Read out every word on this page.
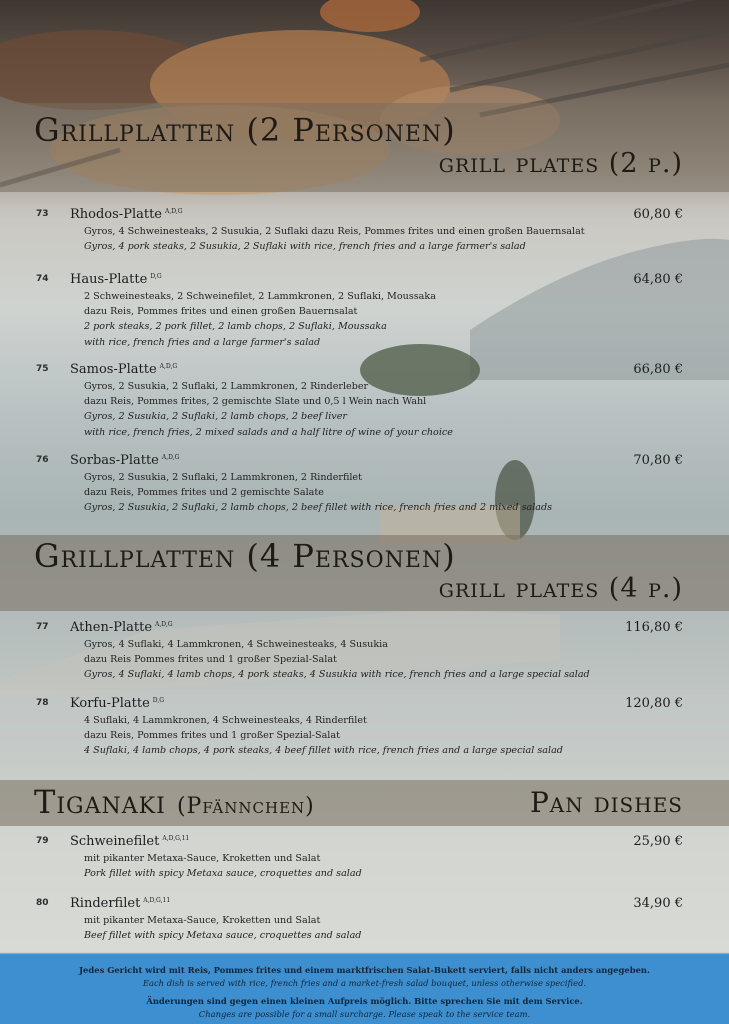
Grillplatten (2 Personen)
grill plates (2 p.)
73 Rhodos-Platte $^{A,D,G}$	60,80 €
Gyros, 4 Schweinesteaks, 2 Susukia, 2 Suflaki dazu Reis, Pommes frites und einen großen Bauernsalat
Gyros, 4 pork steaks, 2 Susukia, 2 Suflaki with rice, french fries and a large farmer's salad
74 Haus-Platte $^{D,G}$	64,80 €
2 Schweinesteaks, 2 Schweinefilet, 2 Lammkronen, 2 Suflaki, Moussaka
dazu Reis, Pommes frites und einen großen Bauernsalat
2 pork steaks, 2 pork fillet, 2 lamb chops, 2 Suflaki, Moussaka
with rice, french fries and a large farmer's salad
75 Samos-Platte $^{A,D,G}$	66,80 €
Gyros, 2 Susukia, 2 Suflaki, 2 Lammkronen, 2 Rinderleber
dazu Reis, Pommes frites, 2 gemischte Slate und 0,5 l Wein nach Wahl
Gyros, 2 Susukia, 2 Suflaki, 2 lamb chops, 2 beef liver
with rice, french fries, 2 mixed salads and a half litre of wine of your choice
76 Sorbas-Platte $^{A,D,G}$	70,80 €
Gyros, 2 Susukia, 2 Suflaki, 2 Lammkronen, 2 Rinderfilet
dazu Reis, Pommes frites und 2 gemischte Salate
Gyros, 2 Susukia, 2 Suflaki, 2 lamb chops, 2 beef fillet with rice, french fries and 2 mixed salads
Grillplatten (4 Personen)
grill plates (4 p.)
77 Athen-Platte $^{A,D,G}$	116,80 €
Gyros, 4 Suflaki, 4 Lammkronen, 4 Schweinesteaks, 4 Susukia
dazu Reis Pommes frites und 1 großer Spezial-Salat
Gyros, 4 Suflaki, 4 lamb chops, 4 pork steaks, 4 Susukia with rice, french fries and a large special salad
78 Korfu-Platte $^{D,G}$	120,80 €
4 Suflaki, 4 Lammkronen, 4 Schweinesteaks, 4 Rinderfilet
dazu Reis, Pommes frites und 1 großer Spezial-Salat
4 Suflaki, 4 lamb chops, 4 pork steaks, 4 beef fillet with rice, french fries and a large special salad
Tiganaki (Pfännchen)	Pan dishes
79 Schweinefilet $^{A,D,G,11}$	25,90 €
mit pikanter Metaxa-Sauce, Kroketten und Salat
Pork fillet with spicy Metaxa sauce, croquettes and salad
80 Rinderfilet $^{A,D,G,11}$	34,90 €
mit pikanter Metaxa-Sauce, Kroketten und Salat
Beef fillet with spicy Metaxa sauce, croquettes and salad
Jedes Gericht wird mit Reis, Pommes frites und einem marktfrischen Salat-Bukett serviert, falls nicht anders angegeben.
Each dish is served with rice, french fries and a market-fresh salad bouquet, unless otherwise specified.
Änderungen sind gegen einen kleinen Aufpreis möglich. Bitte sprechen Sie mit dem Service.
Changes are possible for a small surcharge. Please speak to the service team.
